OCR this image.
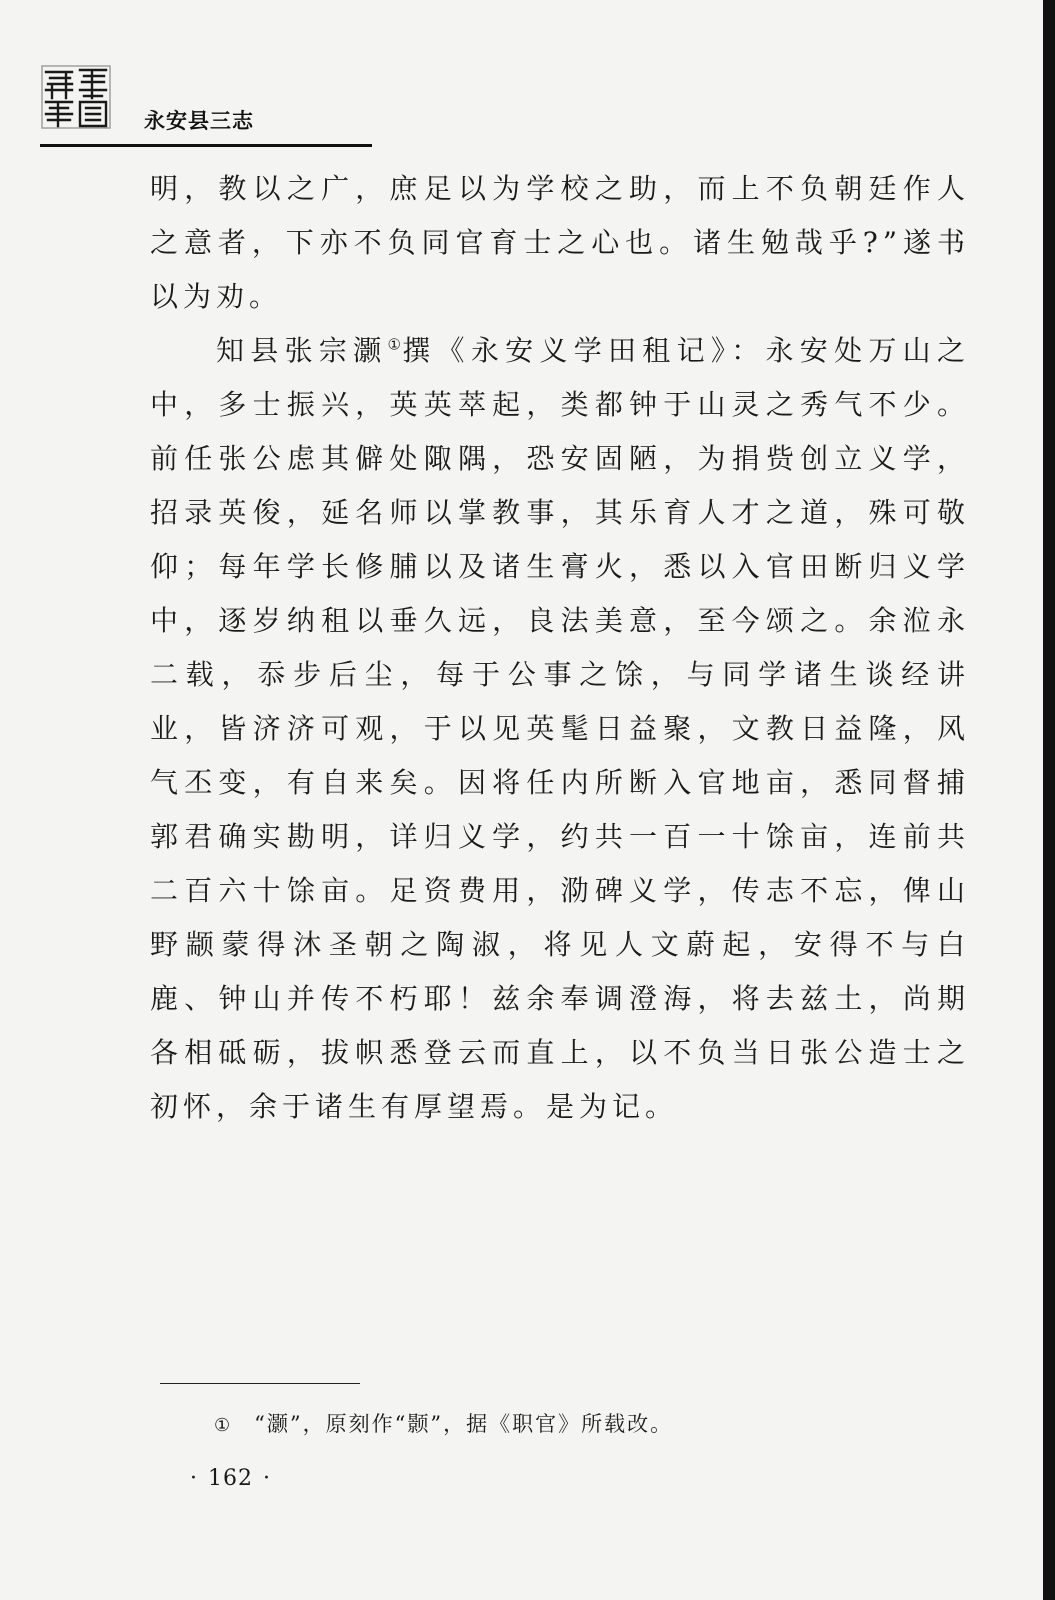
永安县三志

明，教以之广，庶足以为学校之助，而上不负朝廷作人之意者，下亦不负同官育士之心也。诸生勉哉乎?”遂书以为劝。

知县张宗灏①撰《永安义学田租记》：永安处万山之中，多士振兴，英英萃起，类都钟于山灵之秀气不少。前任张公虑其僻处陬隅，恐安固陋，为捐赀创立义学，招录英俊，延名师以掌教事，其乐育人才之道，殊可敬仰；每年学长修脯以及诸生膏火，悉以入官田断归义学中，逐岁纳租以垂久远，良法美意，至今颂之。余涖永二载，忝步后尘，每于公事之馀，与同学诸生谈经讲业，皆济济可观，于以见英髦日益聚，文教日益隆，风气丕变，有自来矣。因将任内所断入官地亩，悉同督捕郭君确实勘明，详归义学，约共一百一十馀亩，连前共二百六十馀亩。足资费用，泐碑义学，传志不忘，俾山野颛蒙得沐圣朝之陶淑，将见人文蔚起，安得不与白鹿、钟山并传不朽耶！兹余奉调澄海，将去兹土，尚期各相砥砺，拔帜悉登云而直上，以不负当日张公造士之初怀，余于诸生有厚望焉。是为记。

① “灏”，原刻作“颢”，据《职官》所载改。
· 162 ·
